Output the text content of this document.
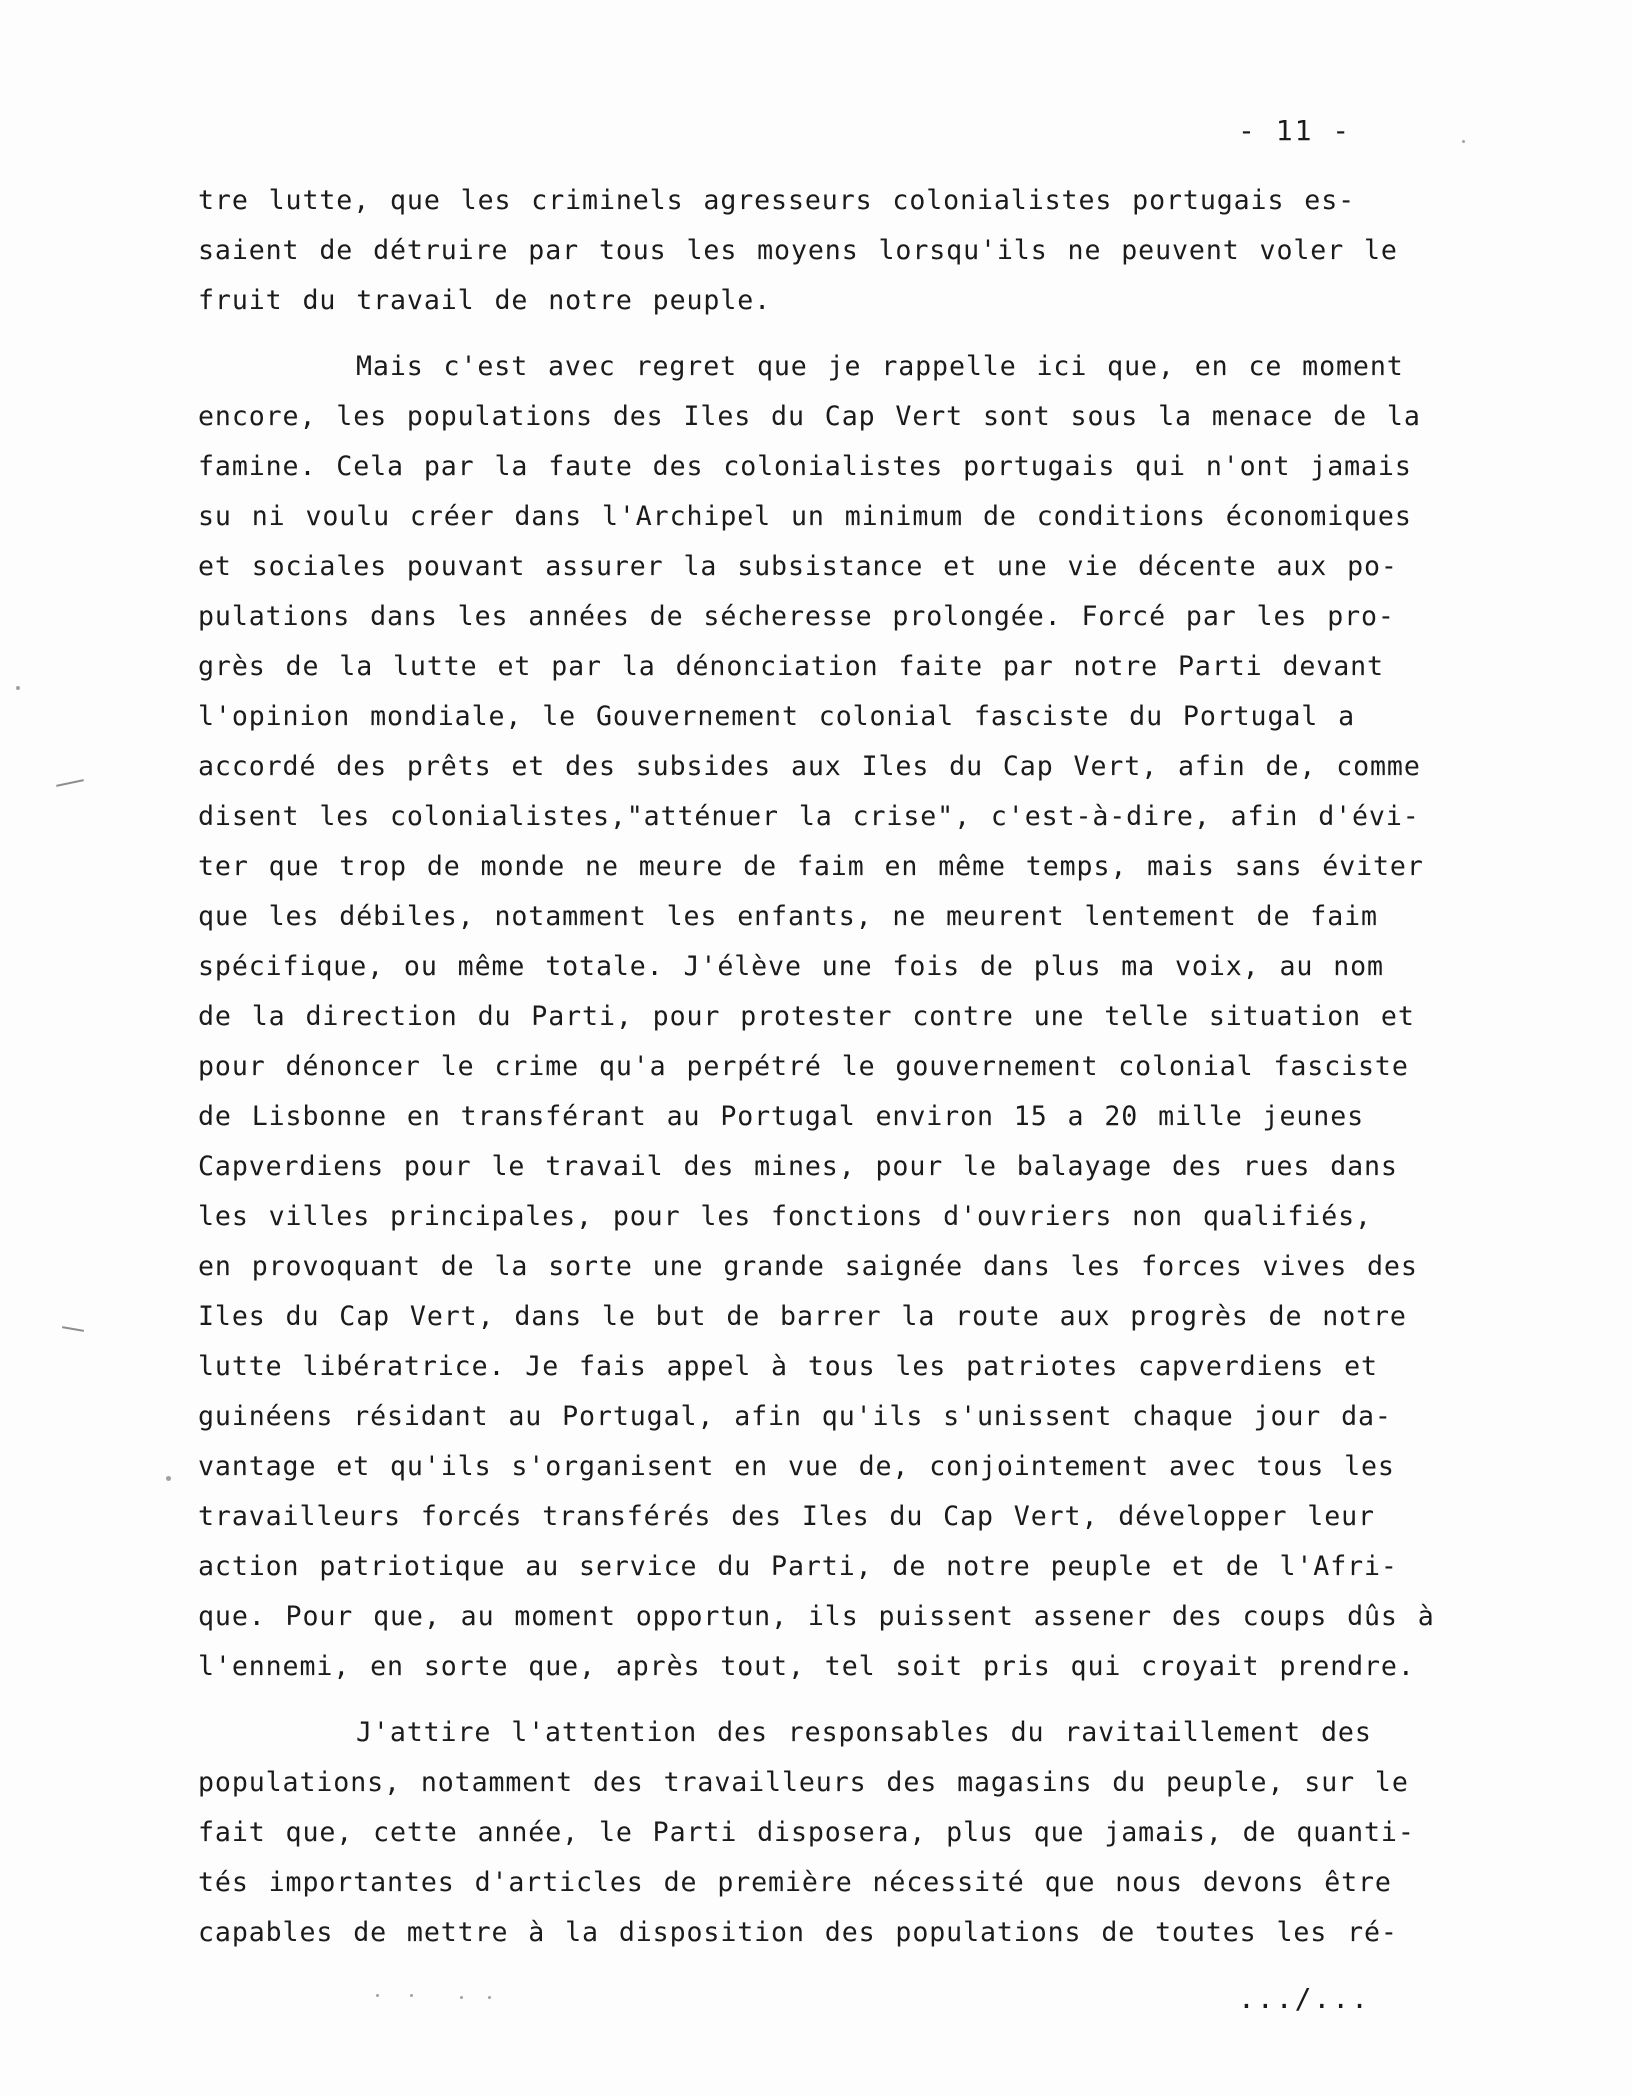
- 11 -
tre lutte, que les criminels agresseurs colonialistes portugais es-
saient de détruire par tous les moyens lorsqu'ils ne peuvent voler le
fruit du travail de notre peuple.
Mais c'est avec regret que je rappelle ici que, en ce moment
encore, les populations des Iles du Cap Vert sont sous la menace de la
famine. Cela par la faute des colonialistes portugais qui n'ont jamais
su ni voulu créer dans l'Archipel un minimum de conditions économiques
et sociales pouvant assurer la subsistance et une vie décente aux po-
pulations dans les années de sécheresse prolongée. Forcé par les pro-
grès de la lutte et par la dénonciation faite par notre Parti devant
l'opinion mondiale, le Gouvernement colonial fasciste du Portugal a
accordé des prêts et des subsides aux Iles du Cap Vert, afin de, comme
disent les colonialistes,"atténuer la crise", c'est-à-dire, afin d'évi-
ter que trop de monde ne meure de faim en même temps, mais sans éviter
que les débiles, notamment les enfants, ne meurent lentement de faim
spécifique, ou même totale. J'élève une fois de plus ma voix, au nom
de la direction du Parti, pour protester contre une telle situation et
pour dénoncer le crime qu'a perpétré le gouvernement colonial fasciste
de Lisbonne en transférant au Portugal environ 15 a 20 mille jeunes
Capverdiens pour le travail des mines, pour le balayage des rues dans
les villes principales, pour les fonctions d'ouvriers non qualifiés,
en provoquant de la sorte une grande saignée dans les forces vives des
Iles du Cap Vert, dans le but de barrer la route aux progrès de notre
lutte libératrice. Je fais appel à tous les patriotes capverdiens et
guinéens résidant au Portugal, afin qu'ils s'unissent chaque jour da-
vantage et qu'ils s'organisent en vue de, conjointement avec tous les
travailleurs forcés transférés des Iles du Cap Vert, développer leur
action patriotique au service du Parti, de notre peuple et de l'Afri-
que. Pour que, au moment opportun, ils puissent assener des coups dûs à
l'ennemi, en sorte que, après tout, tel soit pris qui croyait prendre.
J'attire l'attention des responsables du ravitaillement des
populations, notamment des travailleurs des magasins du peuple, sur le
fait que, cette année, le Parti disposera, plus que jamais, de quanti-
tés importantes d'articles de première nécessité que nous devons être
capables de mettre à la disposition des populations de toutes les ré-
.../...
